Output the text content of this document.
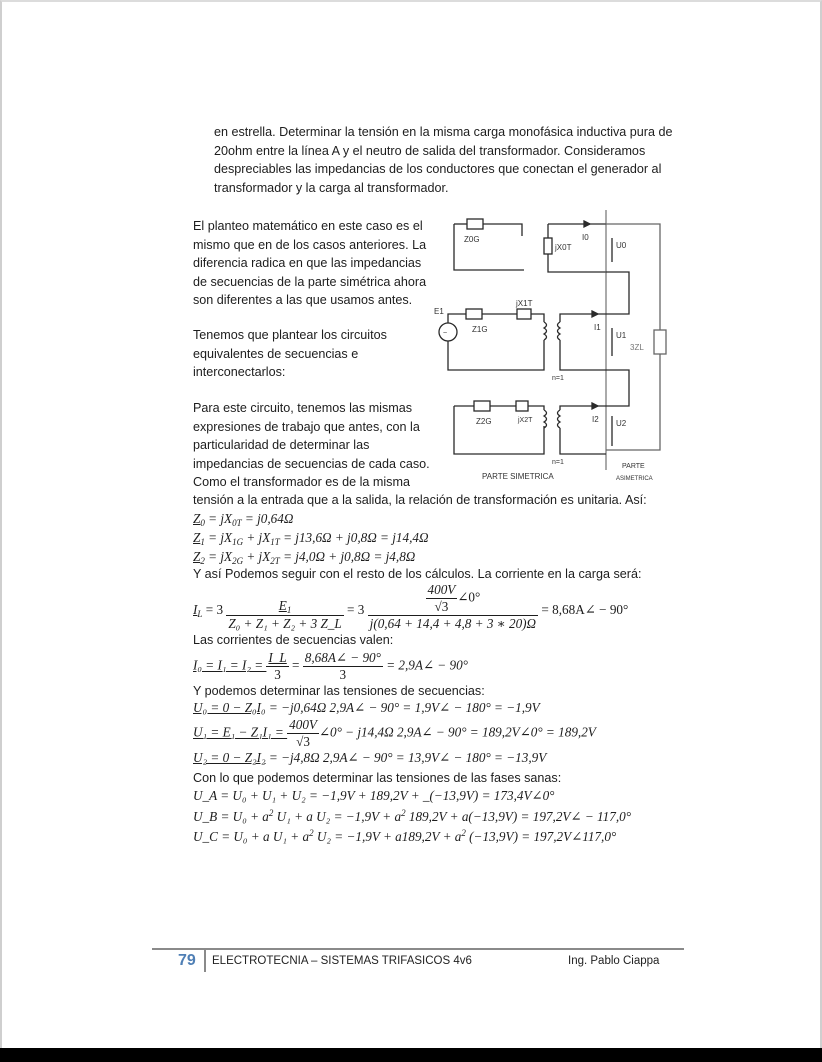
en estrella. Determinar la tensión en la misma carga monofásica inductiva pura de
20ohm entre la línea A y el neutro de salida del transformador. Consideramos
despreciables las impedancias de los conductores que conectan el generador al
transformador y la carga al transformador.
El planteo matemático en este caso es el
mismo que en de los casos anteriores. La
diferencia radica en que las impedancias
de secuencias de la parte simétrica ahora
son diferentes a las que usamos antes.
Tenemos que plantear los circuitos
equivalentes de secuencias e
interconectarlos:
Para este circuito, tenemos las mismas
expresiones de trabajo que antes, con la
particularidad de determinar las
impedancias de secuencias de cada caso.
Como el transformador es de la misma
tensión a la entrada que a la salida, la relación de transformación es unitaria. Así:
$Z_0 = jX_{0T} = j0,64\Omega$
$Z_1 = jX_{1G} + jX_{1T} = j13,6\Omega + j0,8\Omega = j14,4\Omega$
$Z_2 = jX_{2G} + jX_{2T} = j4,0\Omega + j0,8\Omega = j4,8\Omega$
Y así Podemos seguir con el resto de los cálculos. La corriente en la carga será:
$I_L = 3 \frac{E_1}{\text{Z₀ + Z₁ + Z₂ + 3 Z\_L}} = 3 \frac{\frac{400V}{√3} \angle 0^\circ}{j(0,64 + 14,4 + 4,8 + 3 ∗ 20)\Omega}$ = 8,68A∠ − 90°
Las corrientes de secuencias valen:
$I_0 = I_1 = I_2 = \frac{I\_L}{3} = \frac{8,68A\angle - 90^\circ}{3}$ = 2,9A∠ − 90°
Y podemos determinar las tensiones de secuencias:
U₀ = 0 − Z₀I₀ = −j0,64Ω 2,9A∠ − 90° = 1,9V∠ − 180° = −1,9V
$U_1 = E_1 - Z_1I_1 = \frac{400V}{√3}$ ∠0° − j14,4Ω 2,9A∠ − 90° = 189,2V∠0° = 189,2V
U₂ = 0 − Z₂I₂ = −j4,8Ω 2,9A∠ − 90° = 13,9V∠ − 180° = −13,9V
Con lo que podemos determinar las tensiones de las fases sanas:
U_A = U₀ + U₁ + U₂ = −1,9V + 189,2V + _(−13,9V) = 173,4V∠0°
U_B = $U_0 + a^2$ U₁ + a $U_2 = -1,9V + a^2$ 189,2V + a(−13,9V) = 197,2V∠ − 117,0°
U_C = U₀ + a $U_1 + a^2$ $U_2 = -1,9V + a189,2V + a^2$ (−13,9V) = 197,2V∠117,0°
Z0G
jX0T
I0
U0
3ZL
~
E1
Z1G
jX1T
I1
U1
n=1
Z2G	jX2T	I2 U2
n=1
PARTE SIMETRICA
PARTE
ASIMETRICA
79 ELECTROTECNIA – SISTEMAS TRIFASICOS 4v6	Ing. Pablo Ciappa
